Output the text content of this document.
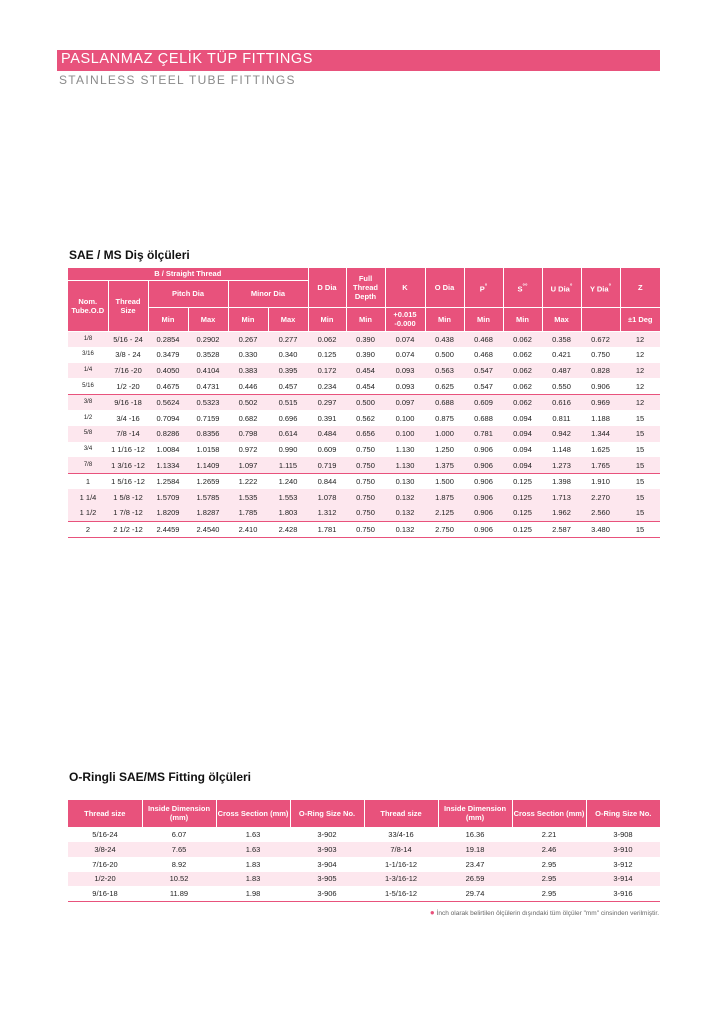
PASLANMAZ ÇELİK TÜP FITTINGS
STAINLESS STEEL TUBE FITTINGS
SAE / MS Diş ölçüleri
B / Straight Thread						D Dia	Full Thread Depth	K	O Dia	P°	S°°	U Dia°	Y Dia°	Z
Nom. Tube.O.D	Thread Size	Pitch Dia		Minor Dia										
		Min	Max	Min	Max	Min	Min	+0.015 -0.000	Min	Min	Min	Max		±1 Deg
1/8	5/16 - 24	0.2854	0.2902	0.267	0.277	0.062	0.390	0.074	0.438	0.468	0.062	0.358	0.672	12
3/16	3/8 - 24	0.3479	0.3528	0.330	0.340	0.125	0.390	0.074	0.500	0.468	0.062	0.421	0.750	12
1/4	7/16 -20	0.4050	0.4104	0.383	0.395	0.172	0.454	0.093	0.563	0.547	0.062	0.487	0.828	12
5/16	1/2 -20	0.4675	0.4731	0.446	0.457	0.234	0.454	0.093	0.625	0.547	0.062	0.550	0.906	12
3/8	9/16 -18	0.5624	0.5323	0.502	0.515	0.297	0.500	0.097	0.688	0.609	0.062	0.616	0.969	12
1/2	3/4 -16	0.7094	0.7159	0.682	0.696	0.391	0.562	0.100	0.875	0.688	0.094	0.811	1.188	15
5/8	7/8 -14	0.8286	0.8356	0.798	0.614	0.484	0.656	0.100	1.000	0.781	0.094	0.942	1.344	15
3/4	1 1/16 -12	1.0084	1.0158	0.972	0.990	0.609	0.750	1.130	1.250	0.906	0.094	1.148	1.625	15
7/8	1 3/16 -12	1.1334	1.1409	1.097	1.115	0.719	0.750	1.130	1.375	0.906	0.094	1.273	1.765	15
1	1 5/16 -12	1.2584	1.2659	1.222	1.240	0.844	0.750	0.130	1.500	0.906	0.125	1.398	1.910	15
1 1/4	1 5/8 -12	1.5709	1.5785	1.535	1.553	1.078	0.750	0.132	1.875	0.906	0.125	1.713	2.270	15
1 1/2	1 7/8 -12	1.8209	1.8287	1.785	1.803	1.312	0.750	0.132	2.125	0.906	0.125	1.962	2.560	15
2	2 1/2 -12	2.4459	2.4540	2.410	2.428	1.781	0.750	0.132	2.750	0.906	0.125	2.587	3.480	15
O-Ringli SAE/MS Fitting ölçüleri
Thread size	Inside Dimension (mm)	Cross Section (mm)	O-Ring Size No.	Thread size	Inside Dimension (mm)	Cross Section (mm)	O-Ring Size No.
5/16-24	6.07	1.63	3-902	33/4-16	16.36	2.21	3-908
3/8-24	7.65	1.63	3-903	7/8-14	19.18	2.46	3-910
7/16-20	8.92	1.83	3-904	1-1/16-12	23.47	2.95	3-912
1/2-20	10.52	1.83	3-905	1-3/16-12	26.59	2.95	3-914
9/16-18	11.89	1.98	3-906	1-5/16-12	29.74	2.95	3-916
● İnch olarak belirtilen ölçülerin dışındaki tüm ölçüler "mm" cinsinden verilmiştir.
